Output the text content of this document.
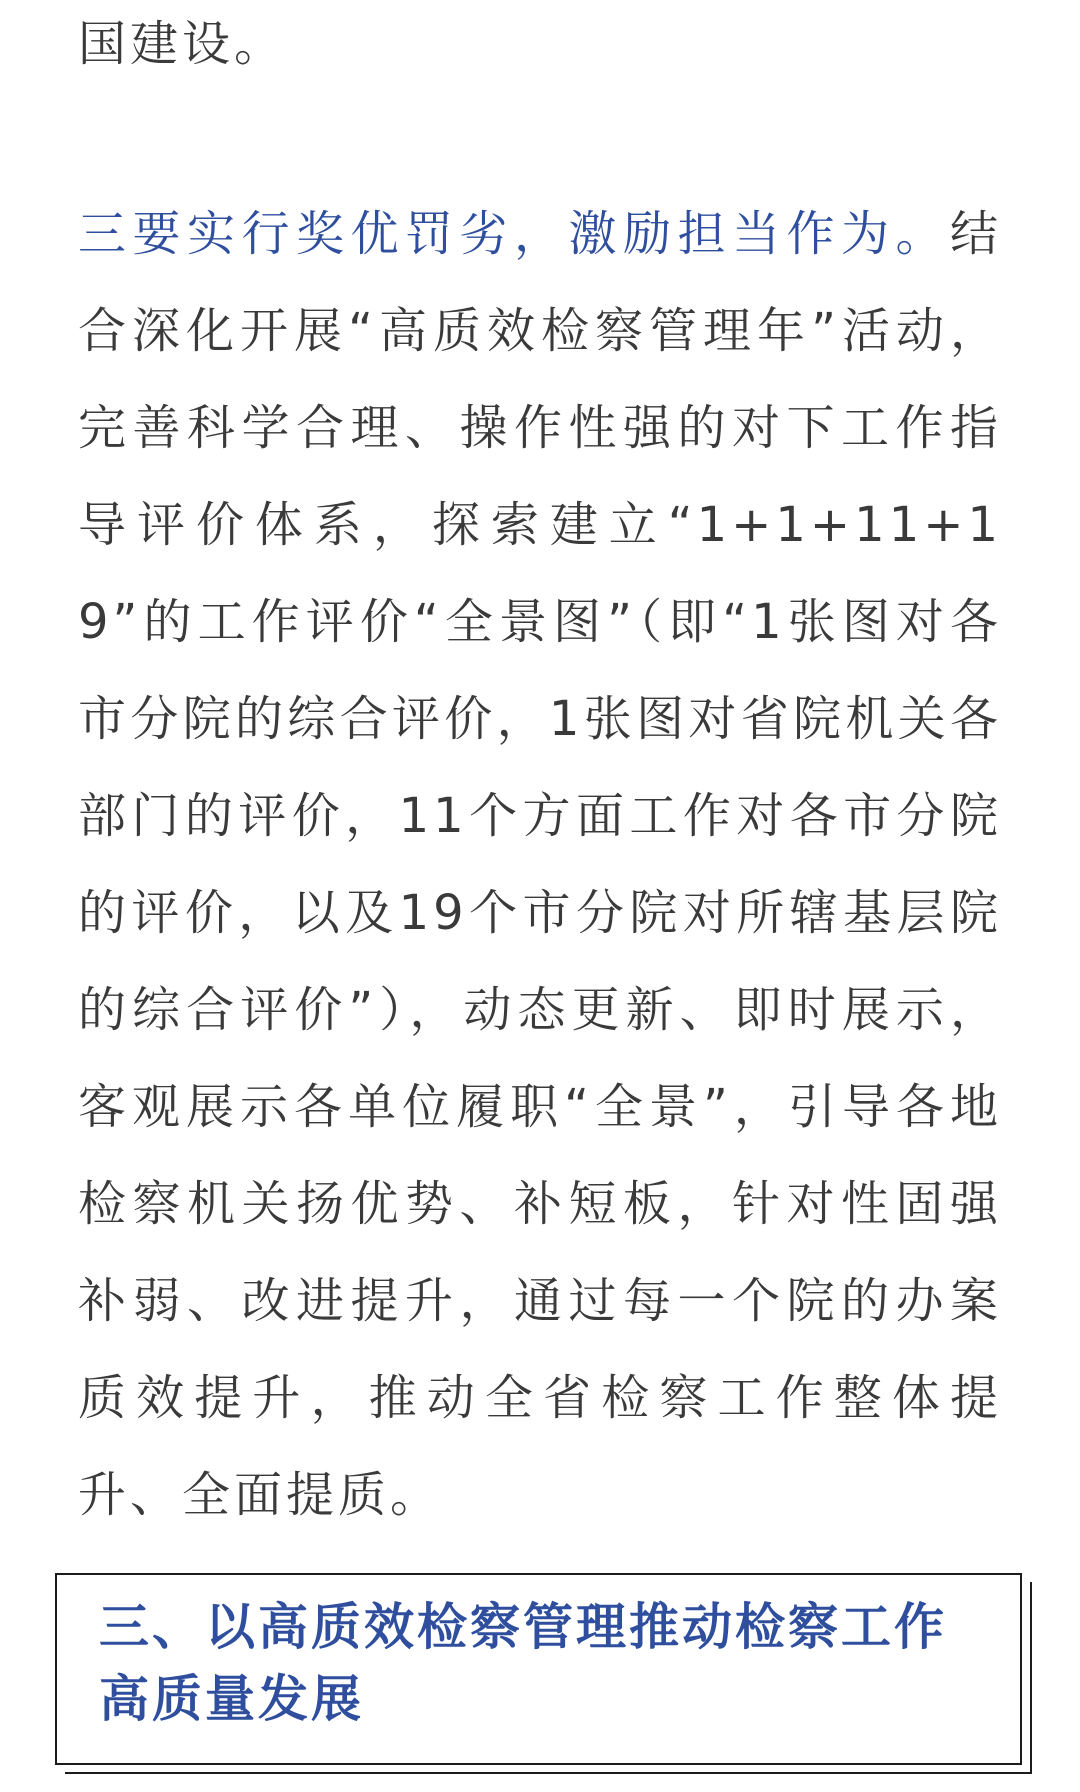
国建设。

三要实行奖优罚劣，激励担当作为。结合深化开展“高质效检察管理年”活动，完善科学合理、操作性强的对下工作指导评价体系，探索建立“1+1+11+19”的工作评价“全景图”（即“1张图对各市分院的综合评价，1张图对省院机关各部门的评价，11个方面工作对各市分院的评价，以及19个市分院对所辖基层院的综合评价”），动态更新、即时展示，客观展示各单位履职“全景”，引导各地检察机关扬优势、补短板，针对性固强补弱、改进提升，通过每一个院的办案质效提升，推动全省检察工作整体提升、全面提质。

三、以高质效检察管理推动检察工作高质量发展
